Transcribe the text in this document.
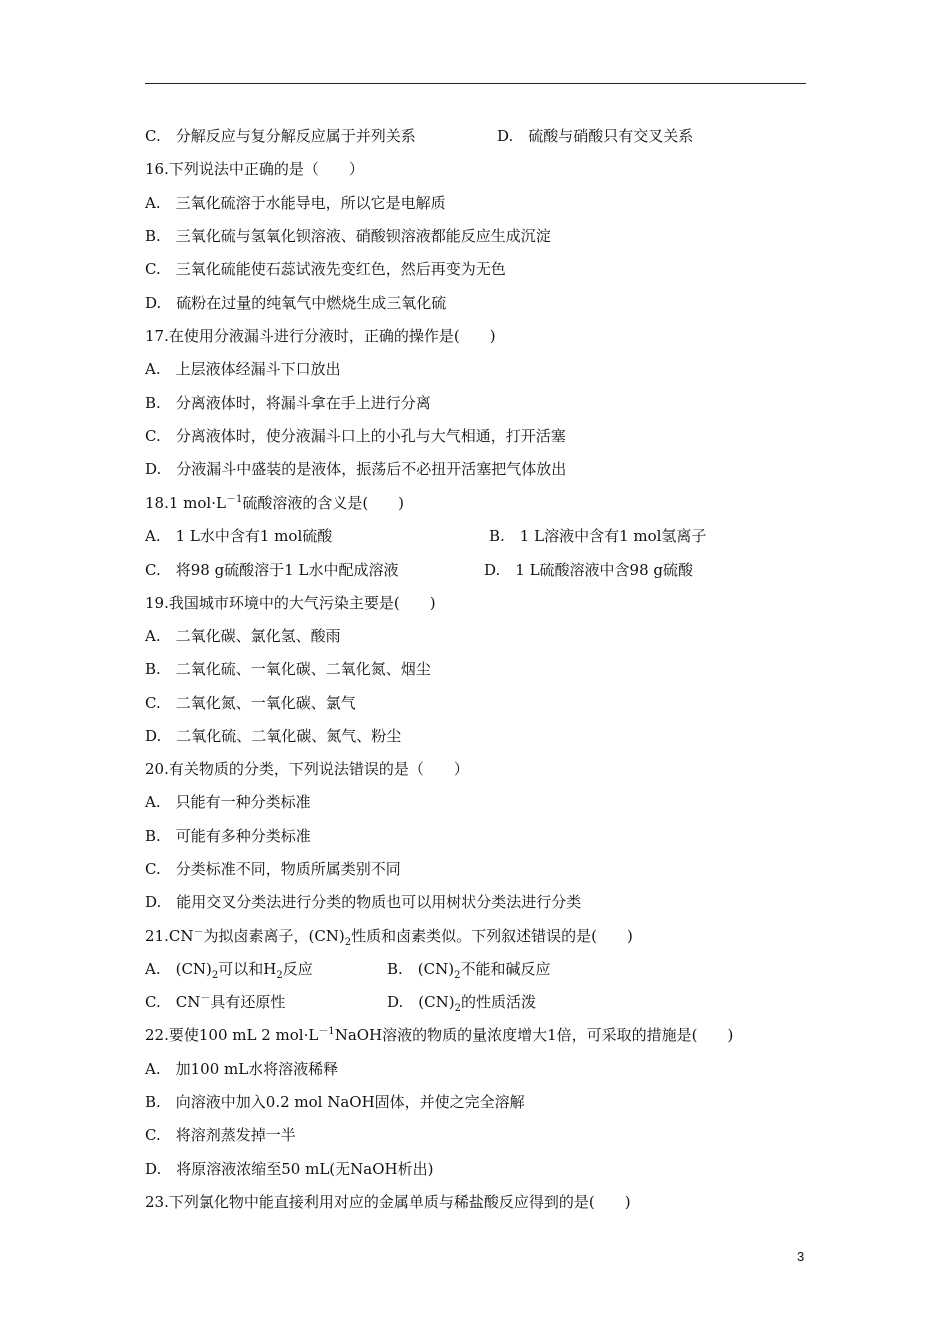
C.　分解反应与复分解反应属于并列关系	D.　硫酸与硝酸只有交叉关系
16.下列说法中正确的是（　　）
A.　三氧化硫溶于水能导电，所以它是电解质
B.　三氧化硫与氢氧化钡溶液、硝酸钡溶液都能反应生成沉淀
C.　三氧化硫能使石蕊试液先变红色，然后再变为无色
D.　硫粉在过量的纯氧气中燃烧生成三氧化硫
17.在使用分液漏斗进行分液时，正确的操作是(　　)
A.　上层液体经漏斗下口放出
B.　分离液体时，将漏斗拿在手上进行分离
C.　分离液体时，使分液漏斗口上的小孔与大气相通，打开活塞
D.　分液漏斗中盛装的是液体，振荡后不必扭开活塞把气体放出
18.1 $mol\cdot L^{-1}$硫酸溶液的含义是(　　)
A.　1 L水中含有1 mol硫酸	B.　1 L溶液中含有1 mol氢离子
C.　将98 g硫酸溶于1 L水中配成溶液	D.　1 L硫酸溶液中含98 g硫酸
19.我国城市环境中的大气污染主要是(　　)
A.　二氧化碳、氯化氢、酸雨
B.　二氧化硫、一氧化碳、二氧化氮、烟尘
C.　二氧化氮、一氧化碳、氯气
D.　二氧化硫、二氧化碳、氮气、粉尘
20.有关物质的分类，下列说法错误的是（　　）
A.　只能有一种分类标准
B.　可能有多种分类标准
C.　分类标准不同，物质所属类别不同
D.　能用交叉分类法进行分类的物质也可以用树状分类法进行分类
21.CN－为拟卤素离子，$(CN)_2$性质和卤素类似。下列叙述错误的是(　　)
A.　$(CN)_2$可以和$H_2$反应	B.　$(CN)_2$不能和碱反应
C.　CN－具有还原性	D.　$(CN)_2$的性质活泼
22.要使100 mL 2 $mol\cdot L^{-1}NaOH$溶液的物质的量浓度增大1倍，可采取的措施是(　　)
A.　加100 mL水将溶液稀释
B.　向溶液中加入0.2 mol NaOH固体，并使之完全溶解
C.　将溶剂蒸发掉一半
D.　将原溶液浓缩至50 mL(无NaOH析出)
23.下列氯化物中能直接利用对应的金属单质与稀盐酸反应得到的是(　　)
3
